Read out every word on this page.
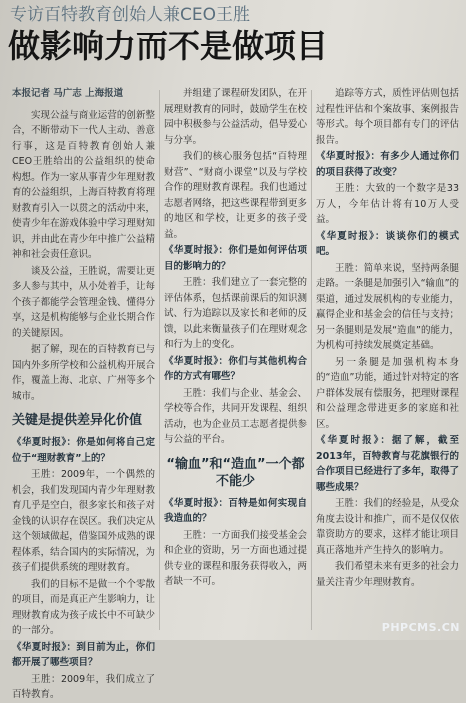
专访百特教育创始人兼CEO王胜
做影响力而不是做项目
本报记者 马广志 上海报道

实现公益与商业运营的创新整合，不断带动下一代人主动、善意行事，这是百特教育创始人兼CEO王胜给出的公益组织的使命构想。作为一家从事青少年理财教育的公益组织，上海百特教育将理财教育引入一以贯之的活动中来，使青少年在游戏体验中学习理财知识，并由此在青少年中推广公益精神和社会责任意识。

谈及公益，王胜说，需要让更多人参与其中，从小处着手，让每个孩子都能学会管理金钱、懂得分享，这是机构能够与企业长期合作的关键原因。

据了解，现在的百特教育已与国内外多所学校和公益机构开展合作，覆盖上海、北京、广州等多个城市。

关键是提供差异化价值

《华夏时报》：你是如何将自己定位于“理财教育”上的？

王胜：2009年，一个偶然的机会，我们发现国内青少年理财教育几乎是空白，很多家长和孩子对金钱的认识存在误区。我们决定从这个领域做起，借鉴国外成熟的课程体系，结合国内的实际情况，为孩子们提供系统的理财教育。

我们的目标不是做一个个零散的项目，而是真正产生影响力，让理财教育成为孩子成长中不可缺少的一部分。

《华夏时报》：到目前为止，你们都开展了哪些项目？

王胜：2009年，我们成立了百特教育。

并组建了课程研发团队，在开展理财教育的同时，鼓励学生在校园中积极参与公益活动，倡导爱心与分享。

我们的核心服务包括“百特理财营”、“财商小课堂”以及与学校合作的理财教育课程。我们也通过志愿者网络，把这些课程带到更多的地区和学校，让更多的孩子受益。

《华夏时报》：你们是如何评估项目的影响力的？

王胜：我们建立了一套完整的评估体系，包括课前课后的知识测试、行为追踪以及家长和老师的反馈，以此来衡量孩子们在理财观念和行为上的变化。

《华夏时报》：你们与其他机构合作的方式有哪些？

王胜：我们与企业、基金会、学校等合作，共同开发课程、组织活动，也为企业员工志愿者提供参与公益的平台。

“输血”和“造血”一个都不能少

《华夏时报》：百特是如何实现自我造血的？

王胜：一方面我们接受基金会和企业的资助，另一方面也通过提供专业的课程和服务获得收入，两者缺一不可。

追踪等方式，质性评估则包括过程性评估和个案故事、案例报告等形式。每个项目都有专门的评估报告。

《华夏时报》：有多少人通过你们的项目获得了改变？

王胜：大致的一个数字是33万人，今年估计将有10万人受益。

《华夏时报》：谈谈你们的模式吧。

王胜：简单来说，坚持两条腿走路。一条腿是加强引入“输血”的渠道，通过发展机构的专业能力，赢得企业和基金会的信任与支持；另一条腿则是发展“造血”的能力，为机构可持续发展奠定基础。

另一条腿是加强机构本身的“造血”功能，通过针对特定的客户群体发展有偿服务，把理财课程和公益理念带进更多的家庭和社区。

《华夏时报》：据了解，截至2013年，百特教育与花旗银行的合作项目已经进行了多年，取得了哪些成果？

王胜：我们的经验是，从受众角度去设计和推广，而不是仅仅依靠资助方的要求，这样才能让项目真正落地并产生持久的影响力。

我们希望未来有更多的社会力量关注青少年理财教育。

PHPCMS.CN
